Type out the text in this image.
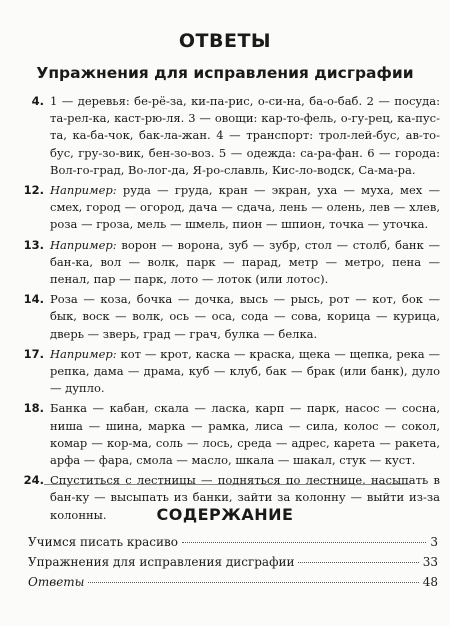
ОТВЕТЫ
Упражнения для исправления дисграфии
4. 1 — деревья: бе-рё-за, ки-па-рис, о-си-на, ба-о-баб. 2 — посуда: та-рел-ка, каст-рю-ля. 3 — овощи: кар-то-фель, о-гу-рец, ка-пус-та, ка-ба-чок, бак-ла-жан. 4 — транспорт: трол-лей-бус, ав-то-бус, гру-зо-вик, бен-зо-воз. 5 — одежда: са-ра-фан. 6 — города: Вол-го-град, Во-лог-да, Я-ро-славль, Кис-ло-водск, Са-ма-ра.
12. Например: руда — груда, кран — экран, уха — муха, мех — смех, город — огород, дача — сдача, лень — олень, лев — хлев, роза — гроза, мель — шмель, пион — шпион, точка — уточка.
13. Например: ворон — ворона, зуб — зубр, стол — столб, банк — бан-ка, вол — волк, парк — парад, метр — метро, пена — пенал, пар — парк, лото — лоток (или лотос).
14. Роза — коза, бочка — дочка, высь — рысь, рот — кот, бок — бык, воск — волк, ось — оса, сода — сова, корица — курица, дверь — зверь, град — грач, булка — белка.
17. Например: кот — крот, каска — краска, щека — щепка, река — репка, дама — драма, куб — клуб, бак — брак (или банк), дуло — дупло.
18. Банка — кабан, скала — ласка, карп — парк, насос — сосна, ниша — шина, марка — рамка, лиса — сила, колос — сокол, комар — кор-ма, соль — лось, среда — адрес, карета — ракета, арфа — фара, смола — масло, шкала — шакал, стук — куст.
24. Спуститься с лестницы — подняться по лестнице, насыпать в бан-ку — высыпать из банки, зайти за колонну — выйти из-за колонны.	СОДЕРЖАНИЕ
Учимся писать красиво	3
Упражнения для исправления дисграфии	33
Ответы	48
